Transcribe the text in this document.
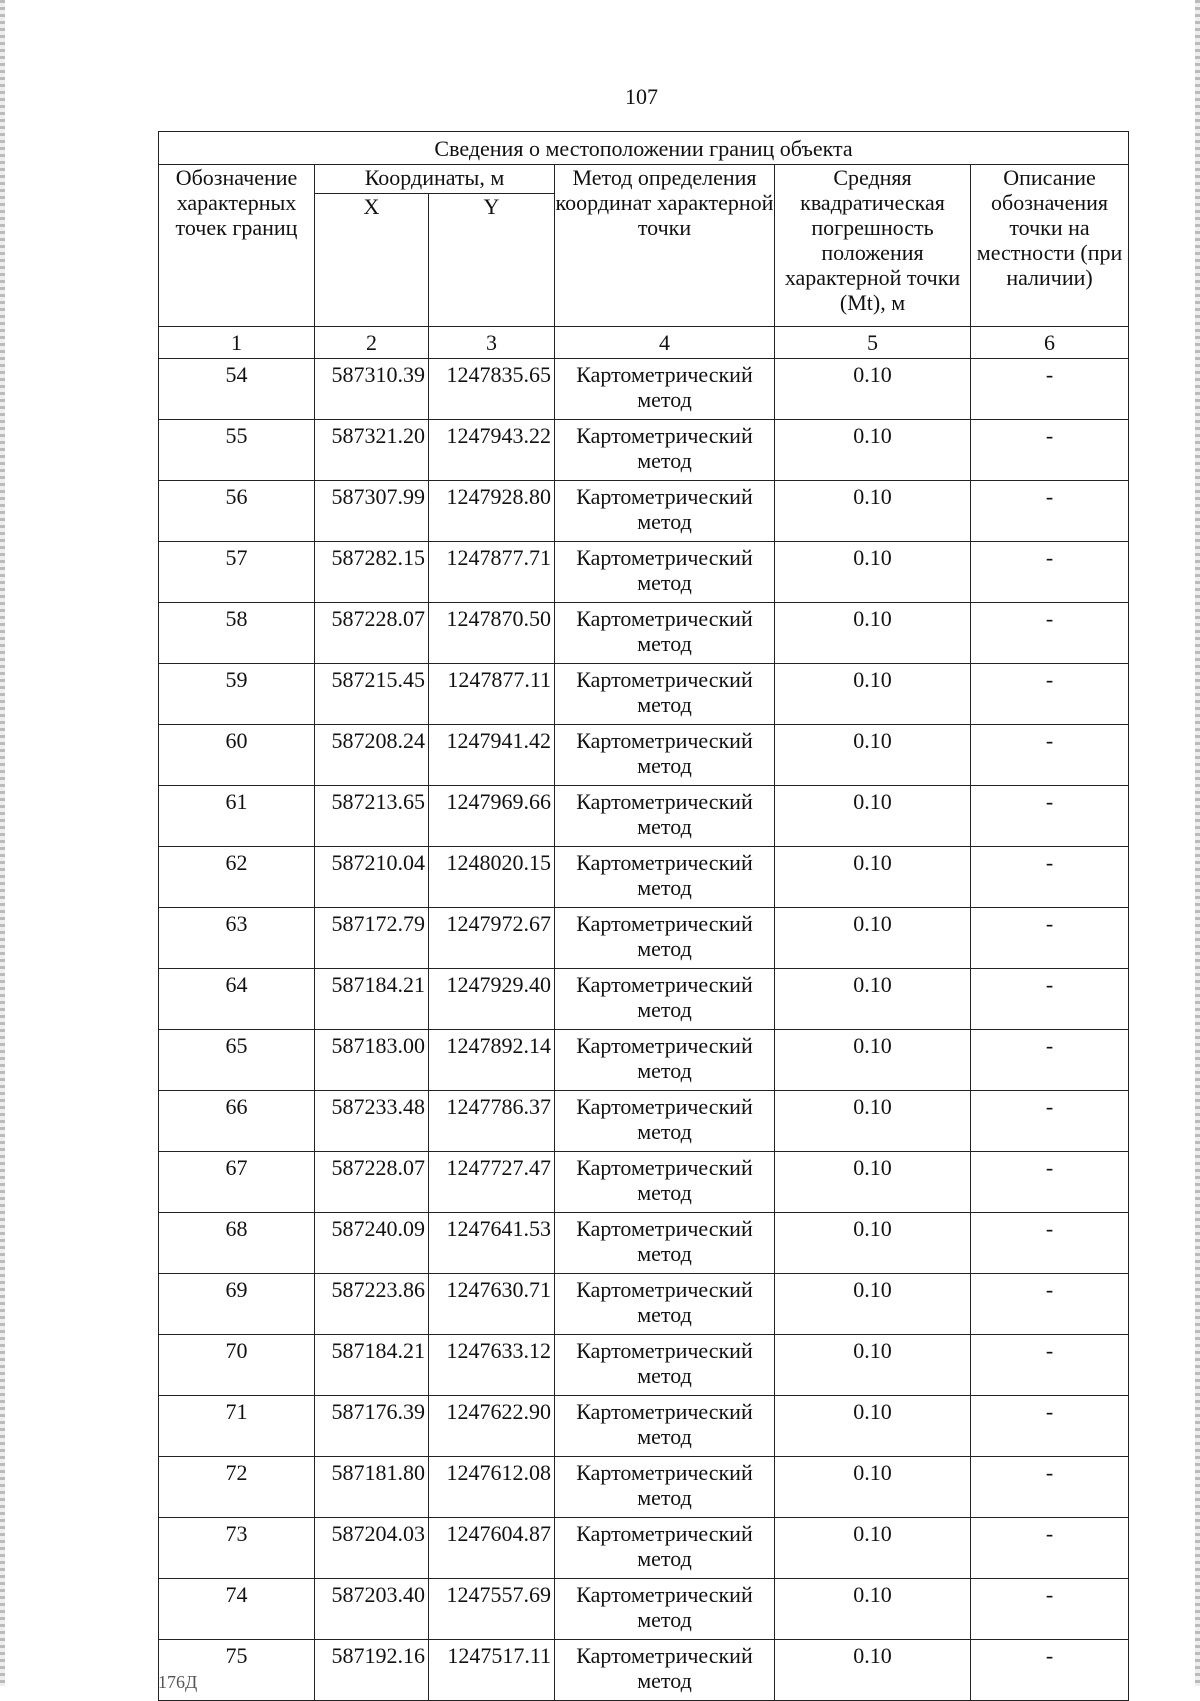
107
Сведения о местоположении границ объекта					
Обозначение характерных точек границ	Координаты, м		Метод определения координат характерной точки	Средняя квадратическая погрешность положения характерной точки (Mt), м	Описание обозначения точки на местности (при наличии)
	X	Y			
1	2	3	4	5	6
54	587310.39	1247835.65	Картометрический метод	0.10	-
55	587321.20	1247943.22	Картометрический метод	0.10	-
56	587307.99	1247928.80	Картометрический метод	0.10	-
57	587282.15	1247877.71	Картометрический метод	0.10	-
58	587228.07	1247870.50	Картометрический метод	0.10	-
59	587215.45	1247877.11	Картометрический метод	0.10	-
60	587208.24	1247941.42	Картометрический метод	0.10	-
61	587213.65	1247969.66	Картометрический метод	0.10	-
62	587210.04	1248020.15	Картометрический метод	0.10	-
63	587172.79	1247972.67	Картометрический метод	0.10	-
64	587184.21	1247929.40	Картометрический метод	0.10	-
65	587183.00	1247892.14	Картометрический метод	0.10	-
66	587233.48	1247786.37	Картометрический метод	0.10	-
67	587228.07	1247727.47	Картометрический метод	0.10	-
68	587240.09	1247641.53	Картометрический метод	0.10	-
69	587223.86	1247630.71	Картометрический метод	0.10	-
70	587184.21	1247633.12	Картометрический метод	0.10	-
71	587176.39	1247622.90	Картометрический метод	0.10	-
72	587181.80	1247612.08	Картометрический метод	0.10	-
73	587204.03	1247604.87	Картометрический метод	0.10	-
74	587203.40	1247557.69	Картометрический метод	0.10	-
75	587192.16	1247517.11	Картометрический метод	0.10	-
176Д
